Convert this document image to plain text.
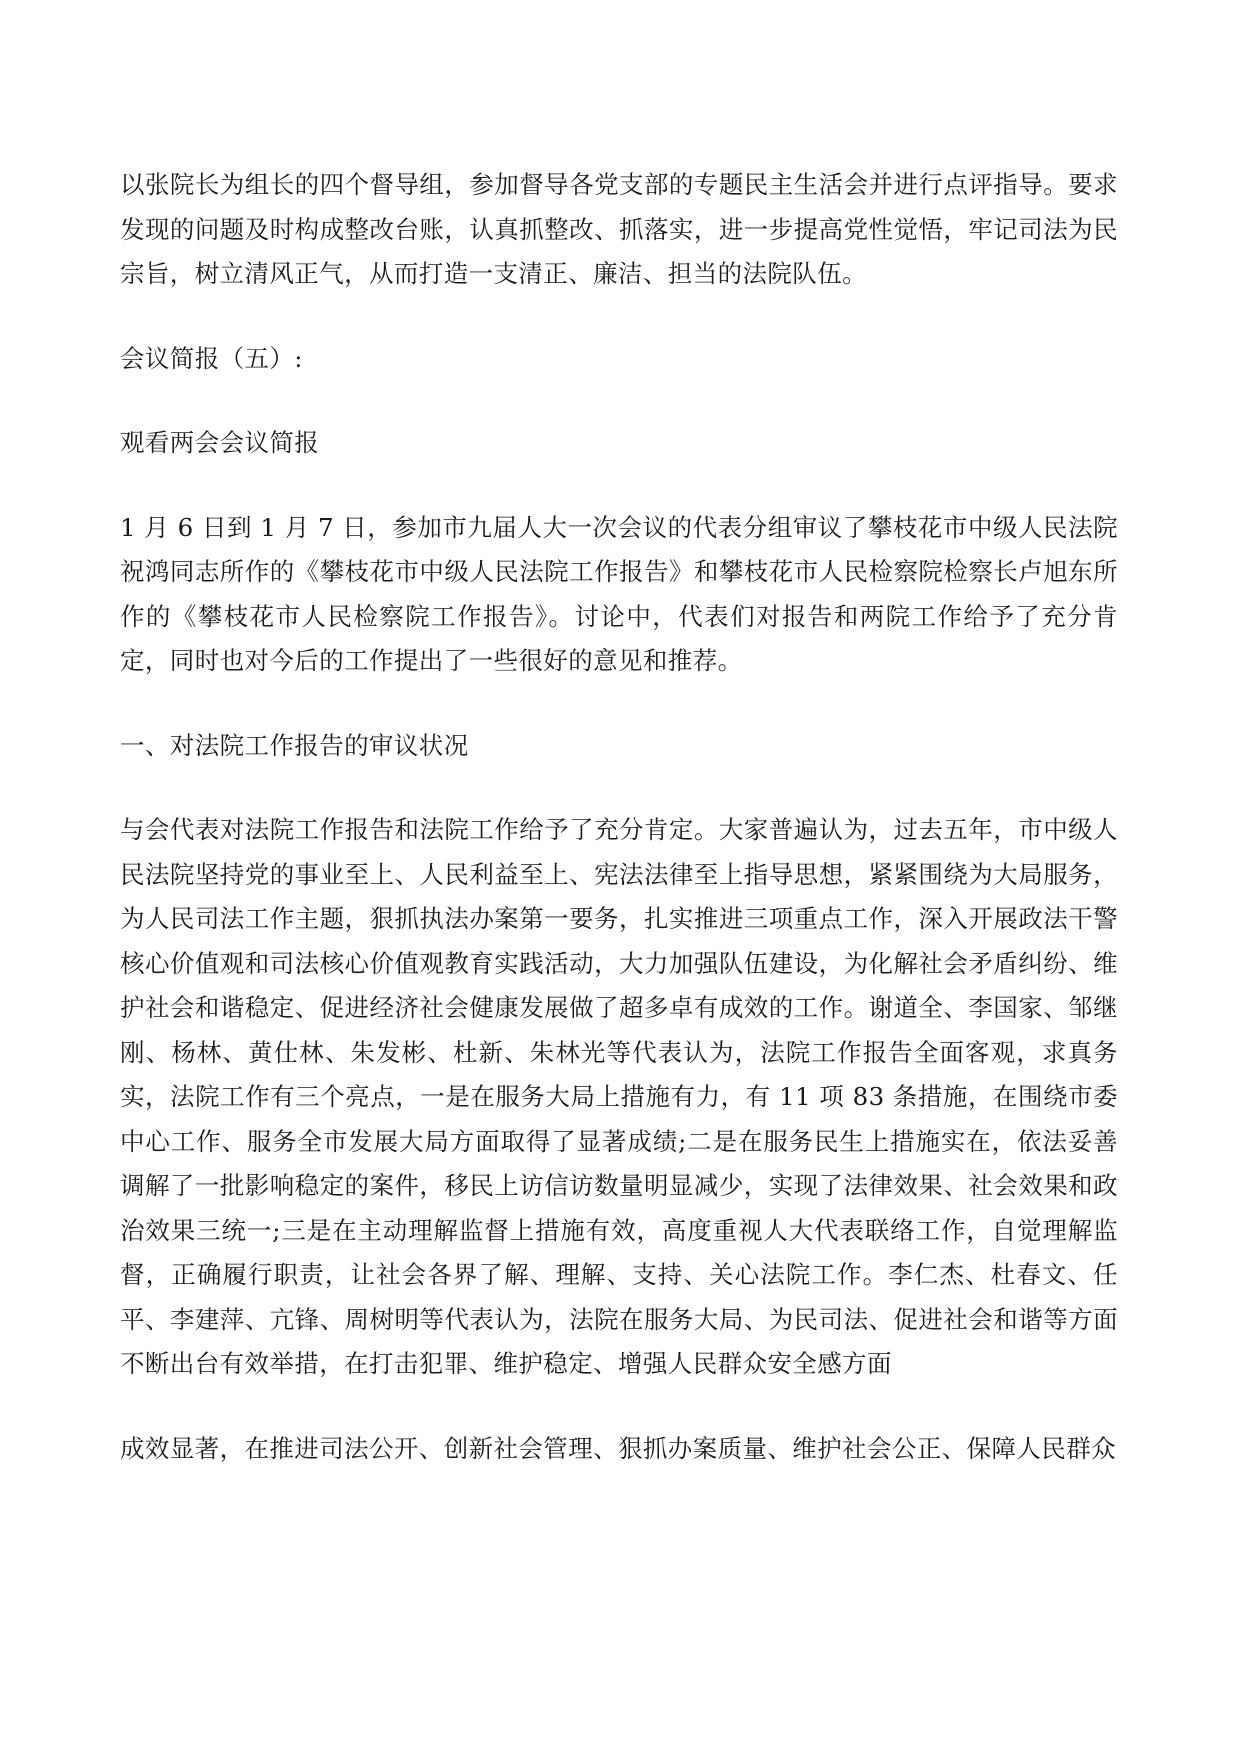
以张院长为组长的四个督导组，参加督导各党支部的专题民主生活会并进行点评指导。要求发现的问题及时构成整改台账，认真抓整改、抓落实，进一步提高党性觉悟，牢记司法为民宗旨，树立清风正气，从而打造一支清正、廉洁、担当的法院队伍。

会议简报（五）:

观看两会会议简报

1 月 6 日到 1 月 7 日，参加市九届人大一次会议的代表分组审议了攀枝花市中级人民法院祝鸿同志所作的《攀枝花市中级人民法院工作报告》和攀枝花市人民检察院检察长卢旭东所作的《攀枝花市人民检察院工作报告》。讨论中，代表们对报告和两院工作给予了充分肯定，同时也对今后的工作提出了一些很好的意见和推荐。

一、对法院工作报告的审议状况

与会代表对法院工作报告和法院工作给予了充分肯定。大家普遍认为，过去五年，市中级人民法院坚持党的事业至上、人民利益至上、宪法法律至上指导思想，紧紧围绕为大局服务，为人民司法工作主题，狠抓执法办案第一要务，扎实推进三项重点工作，深入开展政法干警核心价值观和司法核心价值观教育实践活动，大力加强队伍建设，为化解社会矛盾纠纷、维护社会和谐稳定、促进经济社会健康发展做了超多卓有成效的工作。谢道全、李国家、邹继刚、杨林、黄仕林、朱发彬、杜新、朱林光等代表认为，法院工作报告全面客观，求真务实，法院工作有三个亮点，一是在服务大局上措施有力，有 11 项 83 条措施，在围绕市委中心工作、服务全市发展大局方面取得了显著成绩;二是在服务民生上措施实在，依法妥善调解了一批影响稳定的案件，移民上访信访数量明显减少，实现了法律效果、社会效果和政治效果三统一;三是在主动理解监督上措施有效，高度重视人大代表联络工作，自觉理解监督，正确履行职责，让社会各界了解、理解、支持、关心法院工作。李仁杰、杜春文、任平、李建萍、亢锋、周树明等代表认为，法院在服务大局、为民司法、促进社会和谐等方面不断出台有效举措，在打击犯罪、维护稳定、增强人民群众安全感方面

成效显著，在推进司法公开、创新社会管理、狠抓办案质量、维护社会公正、保障人民群众
